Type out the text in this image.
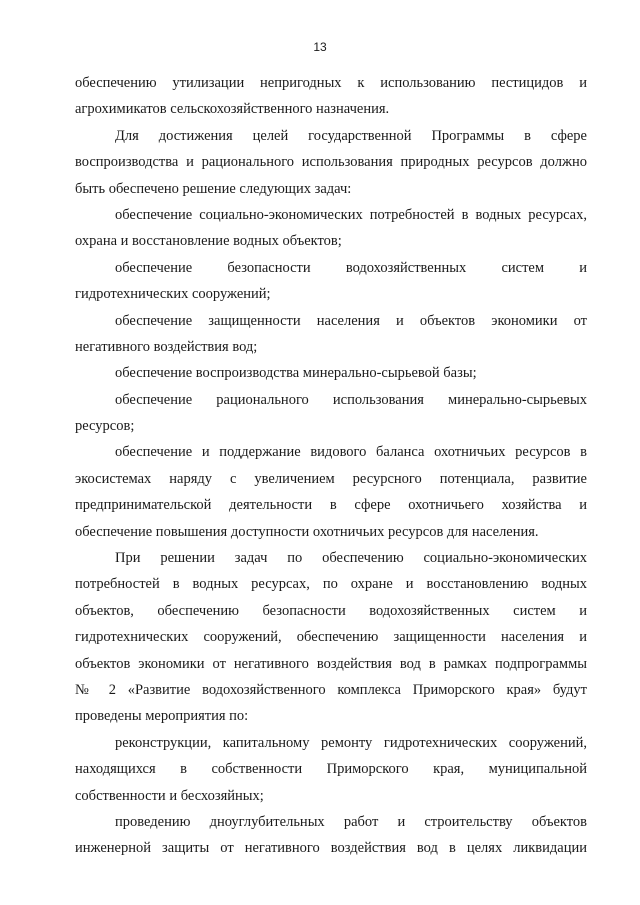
13
обеспечению утилизации непригодных к использованию пестицидов и
агрохимикатов сельскохозяйственного назначения.
Для достижения целей государственной Программы в сфере
воспроизводства и рационального использования природных ресурсов должно
быть обеспечено решение следующих задач:
обеспечение социально-экономических потребностей в водных ресурсах,
охрана и восстановление водных объектов;
обеспечение безопасности водохозяйственных систем и
гидротехнических сооружений;
обеспечение защищенности населения и объектов экономики от
негативного воздействия вод;
обеспечение воспроизводства минерально-сырьевой базы;
обеспечение рационального использования минерально-сырьевых
ресурсов;
обеспечение и поддержание видового баланса охотничьих ресурсов в
экосистемах наряду с увеличением ресурсного потенциала, развитие
предпринимательской деятельности в сфере охотничьего хозяйства и
обеспечение повышения доступности охотничьих ресурсов для населения.
При решении задач по обеспечению социально-экономических
потребностей в водных ресурсах, по охране и восстановлению водных
объектов, обеспечению безопасности водохозяйственных систем и
гидротехнических сооружений, обеспечению защищенности населения и
объектов экономики от негативного воздействия вод в рамках подпрограммы
№ 2 «Развитие водохозяйственного комплекса Приморского края» будут
проведены мероприятия по:
реконструкции, капитальному ремонту гидротехнических сооружений,
находящихся в собственности Приморского края, муниципальной
собственности и бесхозяйных;
проведению дноуглубительных работ и строительству объектов
инженерной защиты от негативного воздействия вод в целях ликвидации
